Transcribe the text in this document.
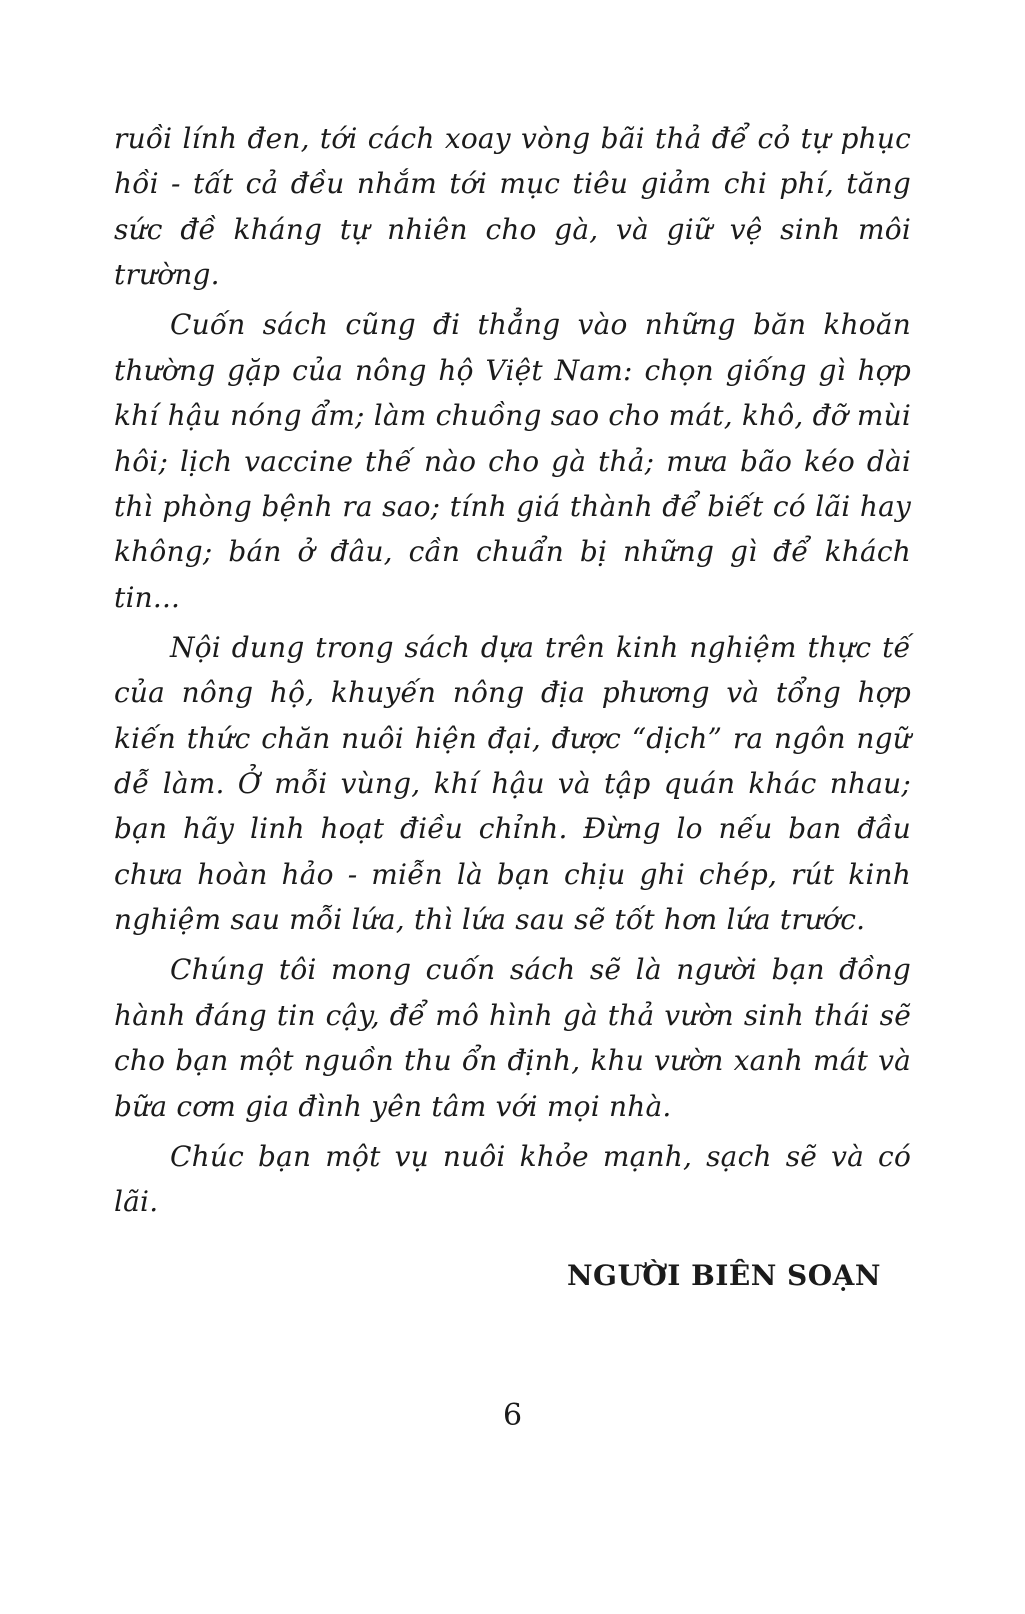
ruồi lính đen, tới cách xoay vòng bãi thả để cỏ tự phục hồi - tất cả đều nhắm tới mục tiêu giảm chi phí, tăng sức đề kháng tự nhiên cho gà, và giữ vệ sinh môi trường.

Cuốn sách cũng đi thẳng vào những băn khoăn thường gặp của nông hộ Việt Nam: chọn giống gì hợp khí hậu nóng ẩm; làm chuồng sao cho mát, khô, đỡ mùi hôi; lịch vaccine thế nào cho gà thả; mưa bão kéo dài thì phòng bệnh ra sao; tính giá thành để biết có lãi hay không; bán ở đâu, cần chuẩn bị những gì để khách tin...

Nội dung trong sách dựa trên kinh nghiệm thực tế của nông hộ, khuyến nông địa phương và tổng hợp kiến thức chăn nuôi hiện đại, được “dịch” ra ngôn ngữ dễ làm. Ở mỗi vùng, khí hậu và tập quán khác nhau; bạn hãy linh hoạt điều chỉnh. Đừng lo nếu ban đầu chưa hoàn hảo - miễn là bạn chịu ghi chép, rút kinh nghiệm sau mỗi lứa, thì lứa sau sẽ tốt hơn lứa trước.

Chúng tôi mong cuốn sách sẽ là người bạn đồng hành đáng tin cậy, để mô hình gà thả vườn sinh thái sẽ cho bạn một nguồn thu ổn định, khu vườn xanh mát và bữa cơm gia đình yên tâm với mọi nhà.

Chúc bạn một vụ nuôi khỏe mạnh, sạch sẽ và có lãi.

NGƯỜI BIÊN SOẠN

6
